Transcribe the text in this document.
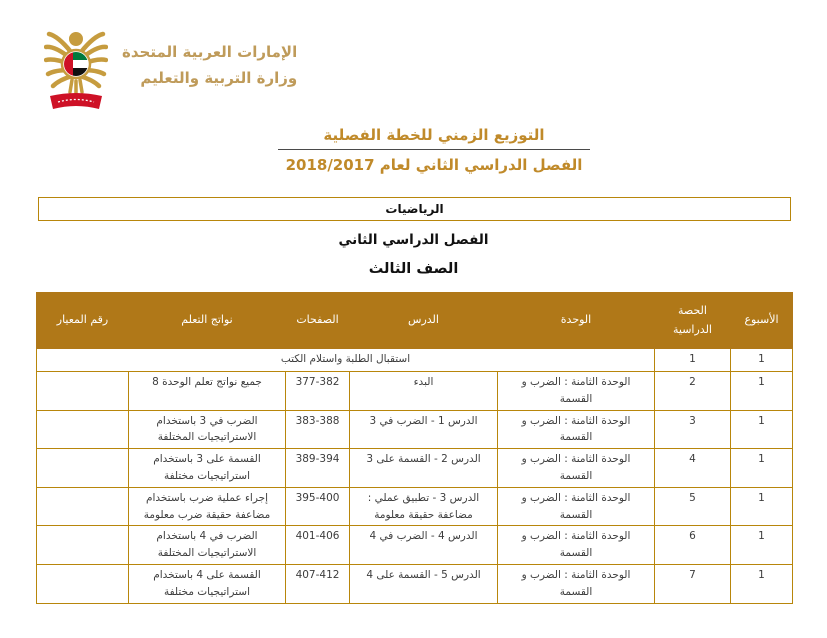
الإمارات العربية المتحدة
وزارة التربية والتعليم
التوزيع الزمني للخطة الفصلية
الفصل الدراسي الثاني لعام 2018/2017
الرياضيات
الفصل الدراسي الثاني
الصف الثالث
الأسبوع	الحصة الدراسية	الوحدة	الدرس	الصفحات	نواتج التعلم	رقم المعيار
1	1	استقبال الطلبة واستلام الكتب				
1	2	الوحدة الثامنة : الضرب و القسمة	البدء	377-382	جميع نواتج تعلم الوحدة 8	
1	3	الوحدة الثامنة : الضرب و القسمة	الدرس 1 - الضرب في 3	383-388	الضرب في 3 باستخدام الاستراتيجيات المختلفة	
1	4	الوحدة الثامنة : الضرب و القسمة	الدرس 2 - القسمة على 3	389-394	القسمة على 3 باستخدام استراتيجيات مختلفة	
1	5	الوحدة الثامنة : الضرب و القسمة	الدرس 3 - تطبيق عملي : مضاعفة حقيقة معلومة	395-400	إجراء عملية ضرب باستخدام مضاعفة حقيقة ضرب معلومة	
1	6	الوحدة الثامنة : الضرب و القسمة	الدرس 4 - الضرب في 4	401-406	الضرب في 4 باستخدام الاستراتيجيات المختلفة	
1	7	الوحدة الثامنة : الضرب و القسمة	الدرس 5 - القسمة على 4	407-412	القسمة على 4 باستخدام استراتيجيات مختلفة	
